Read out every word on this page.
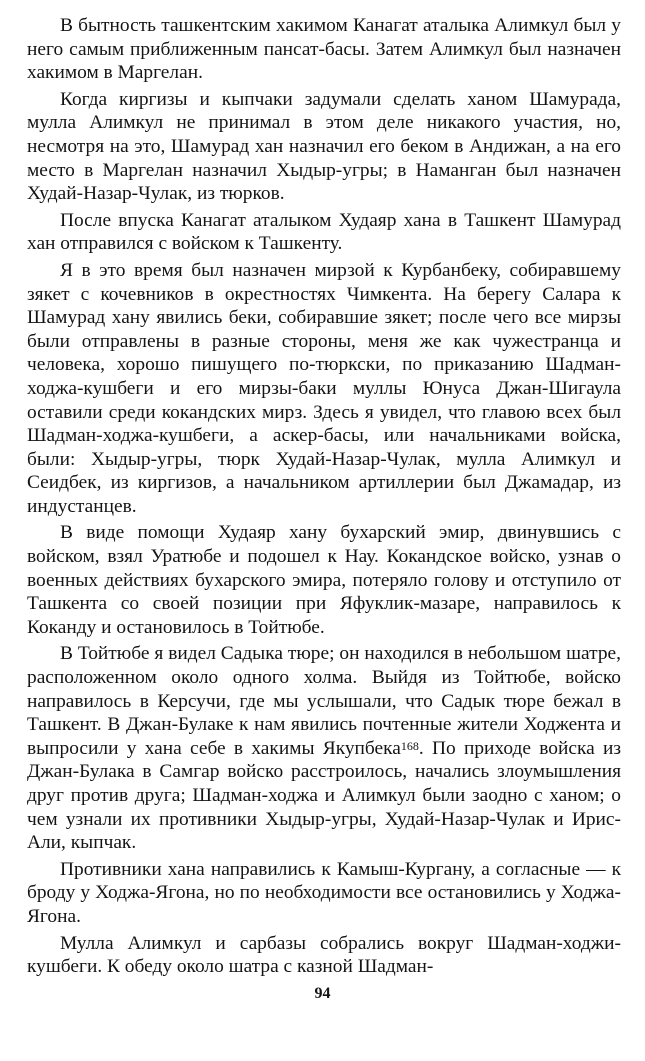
В бытность ташкентским хакимом Канагат аталыка Алимкул был у него самым приближенным пансат-басы. Затем Алимкул был назначен хакимом в Маргелан.

Когда киргизы и кыпчаки задумали сделать ханом Шамурада, мулла Алимкул не принимал в этом деле никакого участия, но, несмотря на это, Шамурад хан назначил его беком в Андижан, а на его место в Маргелан назначил Хыдыр-угры; в Наманган был назначен Худай-Назар-Чулак, из тюрков.

После впуска Канагат аталыком Худаяр хана в Ташкент Шамурад хан отправился с войском к Ташкенту.

Я в это время был назначен мирзой к Курбанбеку, собиравшему зякет с кочевников в окрестностях Чимкента. На берегу Салара к Шамурад хану явились беки, собиравшие зякет; после чего все мирзы были отправлены в разные стороны, меня же как чужестранца и человека, хорошо пишущего по-тюркски, по приказанию Шадман-ходжа-кушбеги и его мирзы-баки муллы Юнуса Джан-Шигаула оставили среди кокандских мирз. Здесь я увидел, что главою всех был Шадман-ходжа-кушбеги, а аскер-басы, или начальниками войска, были: Хыдыр-угры, тюрк Худай-Назар-Чулак, мулла Алимкул и Сеидбек, из киргизов, а начальником артиллерии был Джамадар, из индустанцев.

В виде помощи Худаяр хану бухарский эмир, двинувшись с войском, взял Уратюбе и подошел к Нау. Кокандское войско, узнав о военных действиях бухарского эмира, потеряло голову и отступило от Ташкента со своей позиции при Яфуклик-мазаре, направилось к Коканду и остановилось в Тойтюбе.

В Тойтюбе я видел Садыка тюре; он находился в небольшом шатре, расположенном около одного холма. Выйдя из Тойтюбе, войско направилось в Керсучи, где мы услышали, что Садык тюре бежал в Ташкент. В Джан-Булаке к нам явились почтенные жители Ходжента и выпросили у хана себе в хакимы Якупбека$^{168}$. По приходе войска из Джан-Булака в Самгар войско расстроилось, начались злоумышления друг против друга; Шадман-ходжа и Алимкул были заодно с ханом; о чем узнали их противники Хыдыр-угры, Худай-Назар-Чулак и Ирис-Али, кыпчак.

Противники хана направились к Камыш-Кургану, а согласные — к броду у Ходжа-Ягона, но по необходимости все остановились у Ходжа-Ягона.

Мулла Алимкул и сарбазы собрались вокруг Шадман-ходжи-кушбеги. К обеду около шатра с казной Шадман-

94
